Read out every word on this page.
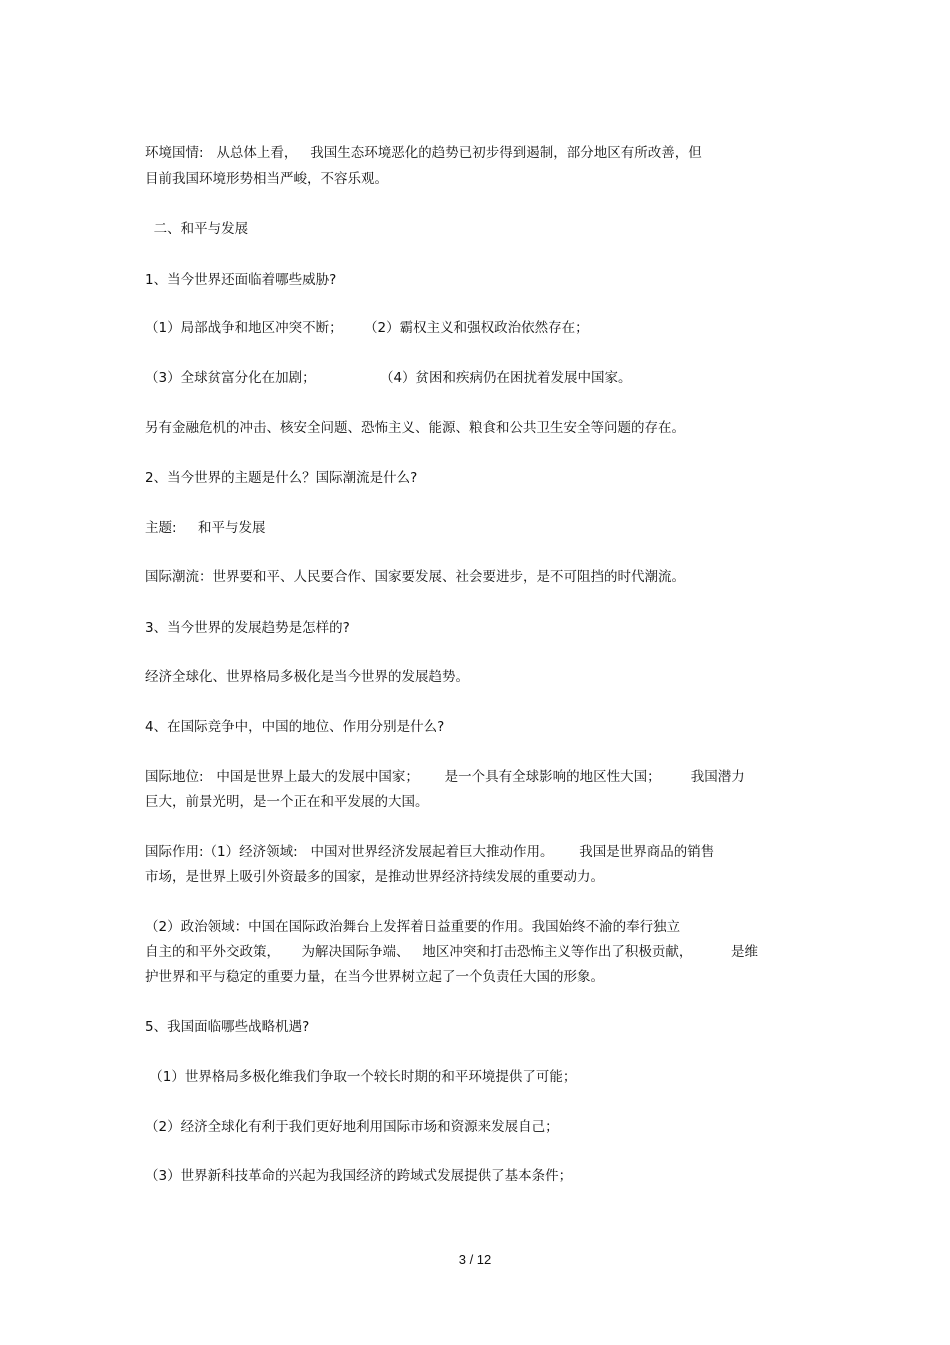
环境国情:   从总体上看，   我国生态环境恶化的趋势已初步得到遏制，部分地区有所改善，但
目前我国环境形势相当严峻，不容乐观。
二、和平与发展
1、当今世界还面临着哪些威胁?
（1）局部战争和地区冲突不断；     （2）霸权主义和强权政治依然存在；
（3）全球贫富分化在加剧；               （4）贫困和疾病仍在困扰着发展中国家。
另有金融危机的冲击、核安全问题、恐怖主义、能源、粮食和公共卫生安全等问题的存在。
2、当今世界的主题是什么？国际潮流是什么?
主题:     和平与发展
国际潮流：世界要和平、人民要合作、国家要发展、社会要进步，是不可阻挡的时代潮流。
3、当今世界的发展趋势是怎样的?
经济全球化、世界格局多极化是当今世界的发展趋势。
4、在国际竞争中，中国的地位、作用分别是什么?
国际地位:   中国是世界上最大的发展中国家；      是一个具有全球影响的地区性大国；       我国潜力
巨大，前景光明，是一个正在和平发展的大国。
国际作用:（1）经济领域:   中国对世界经济发展起着巨大推动作用。      我国是世界商品的销售
市场，是世界上吸引外资最多的国家，是推动世界经济持续发展的重要动力。
（2）政治领域：中国在国际政治舞台上发挥着日益重要的作用。我国始终不渝的奉行独立
自主的和平外交政策，     为解决国际争端、   地区冲突和打击恐怖主义等作出了积极贡献，         是维
护世界和平与稳定的重要力量，在当今世界树立起了一个负责任大国的形象。
5、我国面临哪些战略机遇?
（1）世界格局多极化维我们争取一个较长时期的和平环境提供了可能；
（2）经济全球化有利于我们更好地利用国际市场和资源来发展自己；
（3）世界新科技革命的兴起为我国经济的跨域式发展提供了基本条件；
3 / 12
